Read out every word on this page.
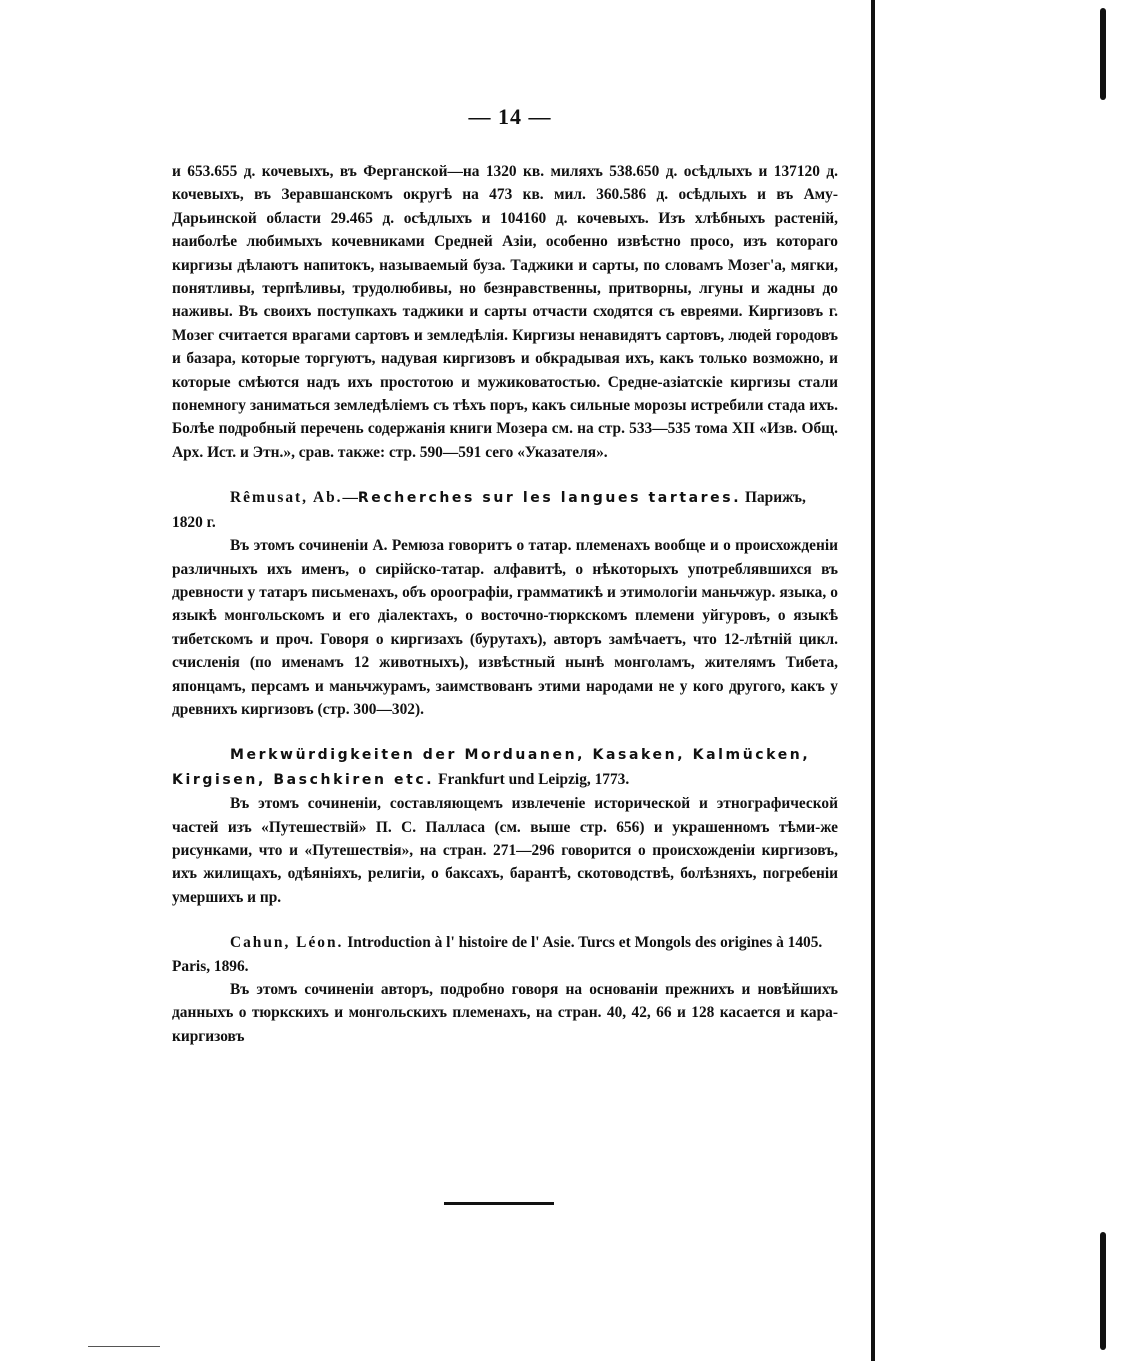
— 14 —

и 653.655 д. кочевыхъ, въ Ферганской—на 1320 кв. миляхъ 538.650 д. осѣдлыхъ и 137120 д. кочевыхъ, въ Зеравшанскомъ округѣ на 473 кв. мил. 360.586 д. осѣдлыхъ и въ Аму-Дарьинской области 29.465 д. осѣдлыхъ и 104160 д. кочевыхъ. Изъ хлѣбныхъ растеній, наиболѣе любимыхъ кочевниками Средней Азіи, особенно извѣстно просо, изъ котораго киргизы дѣлаютъ напитокъ, называемый буза. Таджики и сарты, по словамъ Мозег'а, мягки, понятливы, терпѣливы, трудолюбивы, но безнравственны, притворны, лгуны и жадны до наживы. Въ своихъ поступкахъ таджики и сарты отчасти сходятся съ евреями. Киргизовъ г. Мозег считается врагами сартовъ и земледѣлія. Киргизы ненавидятъ сартовъ, людей городовъ и базара, которые торгуютъ, надувая киргизовъ и обкрадывая ихъ, какъ только возможно, и которые смѣются надъ ихъ простотою и мужиковатостью. Средне-азіатскіе киргизы стали понемногу заниматься земледѣліемъ съ тѣхъ поръ, какъ сильные морозы истребили стада ихъ. Болѣе подробный перечень содержанія книги Мозера см. на стр. 533—535 тома XII «Изв. Общ. Арх. Ист. и Этн.», срав. также: стр. 590—591 сего «Указателя».

Rêmusat, Ab.—Recherches sur les langues tartares. Парижъ, 1820 г.

Въ этомъ сочиненіи А. Ремюза говоритъ о татар. племенахъ вообще и о происхожденіи различныхъ ихъ именъ, о сирійско-татар. алфавитѣ, о нѣкоторыхъ употреблявшихся въ древности у татаръ письменахъ, объ ороографіи, грамматикѣ и этимологіи маньчжур. языка, о языкѣ монгольскомъ и его діалектахъ, о восточно-тюркскомъ племени уйгуровъ, о языкѣ тибетскомъ и проч. Говоря о киргизахъ (бурутахъ), авторъ замѣчаетъ, что 12-лѣтній цикл. счисленія (по именамъ 12 животныхъ), извѣстный нынѣ монголамъ, жителямъ Тибета, японцамъ, персамъ и маньчжурамъ, заимствованъ этими народами не у кого другого, какъ у древнихъ киргизовъ (стр. 300—302).

Merkwürdigkeiten der Morduanen, Kasaken, Kalmücken, Kirgisen, Baschkiren etc. Frankfurt und Leipzig, 1773.

Въ этомъ сочиненіи, составляющемъ извлеченіе исторической и этнографической частей изъ «Путешествій» П. С. Палласа (см. выше стр. 656) и украшенномъ тѣми-же рисунками, что и «Путешествія», на стран. 271—296 говорится о происхожденіи киргизовъ, ихъ жилищахъ, одѣяніяхъ, религіи, о баксахъ, барантѣ, скотоводствѣ, болѣзняхъ, погребеніи умершихъ и пр.

Cahun, Léon. Introduction à l' histoire de l' Asie. Turcs et Mongols des origines à 1405. Paris, 1896.

Въ этомъ сочиненіи авторъ, подробно говоря на основаніи прежнихъ и новѣйшихъ данныхъ о тюркскихъ и монгольскихъ племенахъ, на стран. 40, 42, 66 и 128 касается и кара-киргизовъ
